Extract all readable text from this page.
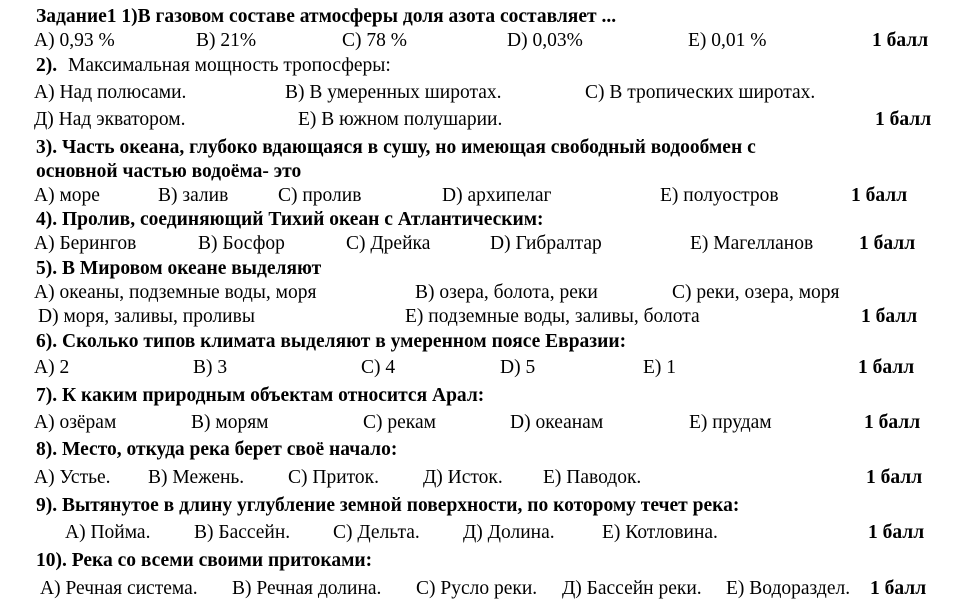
Задание1 1)В газовом составе атмосферы доля азота составляет ...
А) 0,93 %	В) 21%	С) 78 %	D) 0,03%	Е) 0,01 %	1 балл
2). Максимальная мощность тропосферы:
А) Над полюсами.	В) В умеренных широтах.	С) В тропических широтах.
Д) Над экватором.	Е) В южном полушарии.	1 балл
3). Часть океана, глубоко вдающаяся в сушу, но имеющая свободный водообмен с
основной частью водоёма- это
А) море	В) залив	С) пролив	D) архипелаг	Е) полуостров	1 балл
4). Пролив, соединяющий Тихий океан с Атлантическим:
А) Берингов	В) Босфор	С) Дрейка	D) Гибралтар	Е) Магелланов 1 балл
5). В Мировом океане выделяют
А) океаны, подземные воды, моря	В) озера, болота, реки	С) реки, озера, моря
D) моря, заливы, проливы	Е) подземные воды, заливы, болота	1 балл
6). Сколько типов климата выделяют в умеренном поясе Евразии:
А) 2	В) 3	С) 4	D) 5	Е) 1	1 балл
7). К каким природным объектам относится Арал:
А) озёрам	В) морям	С) рекам	D) океанам	Е) прудам	1 балл
8). Место, откуда река берет своё начало:
А) Устье. В) Межень. С) Приток. Д) Исток. Е) Паводок.	1 балл
9). Вытянутое в длину углубление земной поверхности, по которому течет река:
А) Пойма. В) Бассейн. С) Дельта. Д) Долина. Е) Котловина.	1 балл
10). Река со всеми своими притоками:
А) Речная система. В) Речная долина. С) Русло реки. Д) Бассейн реки. Е) Водораздел. 1 балл
